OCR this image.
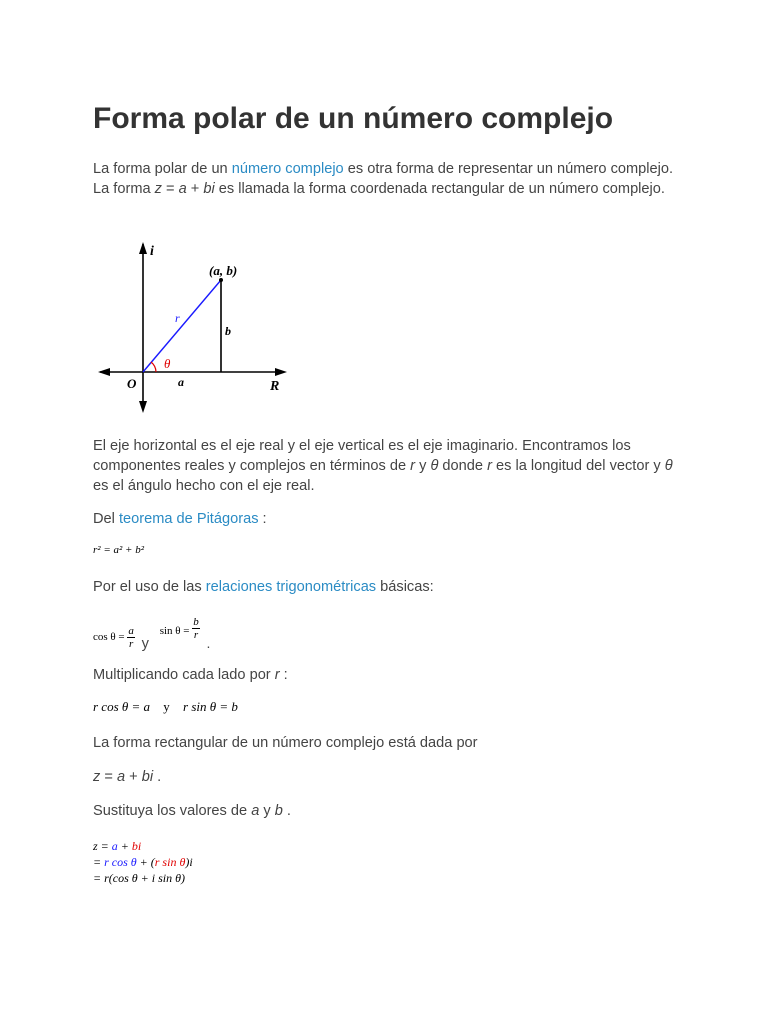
Forma polar de un número complejo

La forma polar de un número complejo es otra forma de representar un número complejo. La forma z = a + bi es llamada la forma coordenada rectangular de un número complejo.

i
(a, b)
r
b
θ
O	a	R

El eje horizontal es el eje real y el eje vertical es el eje imaginario. Encontramos los componentes reales y complejos en términos de r y θ donde r es la longitud del vector y θ es el ángulo hecho con el eje real.

Del teorema de Pitágoras :

r² = a² + b²

Por el uso de las relaciones trigonométricas básicas:

$\cos \theta = \frac{a}{r}$ y $\sin \theta = \frac{b}{r}$
.

Multiplicando cada lado por r :

r cos θ = a y r sin θ = b

La forma rectangular de un número complejo está dada por

z = a + bi .

Sustituya los valores de a y b .

z = a + bi
= r cos θ + (r sin θ)i
= r(cos θ + i sin θ)
